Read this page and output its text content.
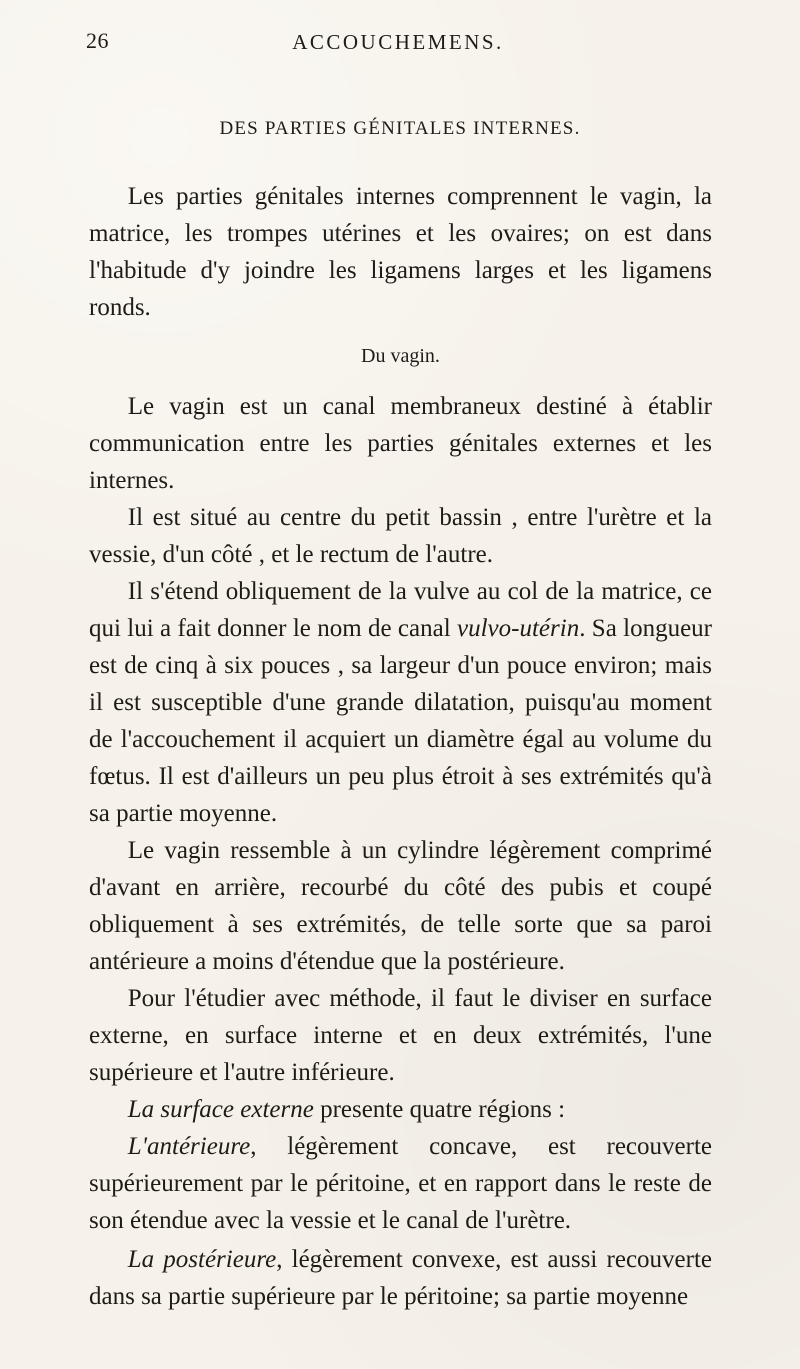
26	ACCOUCHEMENS.
DES PARTIES GÉNITALES INTERNES.

Les parties génitales internes comprennent le vagin, la matrice, les trompes utérines et les ovaires; on est dans l'habitude d'y joindre les ligamens larges et les ligamens ronds.

Du vagin.

Le vagin est un canal membraneux destiné à établir communication entre les parties génitales externes et les internes.

Il est situé au centre du petit bassin , entre l'urètre et la vessie, d'un côté , et le rectum de l'autre.

Il s'étend obliquement de la vulve au col de la matrice, ce qui lui a fait donner le nom de canal vulvo-utérin. Sa longueur est de cinq à six pouces , sa largeur d'un pouce environ; mais il est susceptible d'une grande dilatation, puisqu'au moment de l'accouchement il acquiert un diamètre égal au volume du fœtus. Il est d'ailleurs un peu plus étroit à ses extrémités qu'à sa partie moyenne.

Le vagin ressemble à un cylindre légèrement comprimé d'avant en arrière, recourbé du côté des pubis et coupé obliquement à ses extrémités, de telle sorte que sa paroi antérieure a moins d'étendue que la postérieure.

Pour l'étudier avec méthode, il faut le diviser en surface externe, en surface interne et en deux extrémités, l'une supérieure et l'autre inférieure.

La surface externe presente quatre régions :

L'antérieure, légèrement concave, est recouverte supérieurement par le péritoine, et en rapport dans le reste de son étendue avec la vessie et le canal de l'urètre.

La postérieure, légèrement convexe, est aussi recouverte dans sa partie supérieure par le péritoine; sa partie moyenne
